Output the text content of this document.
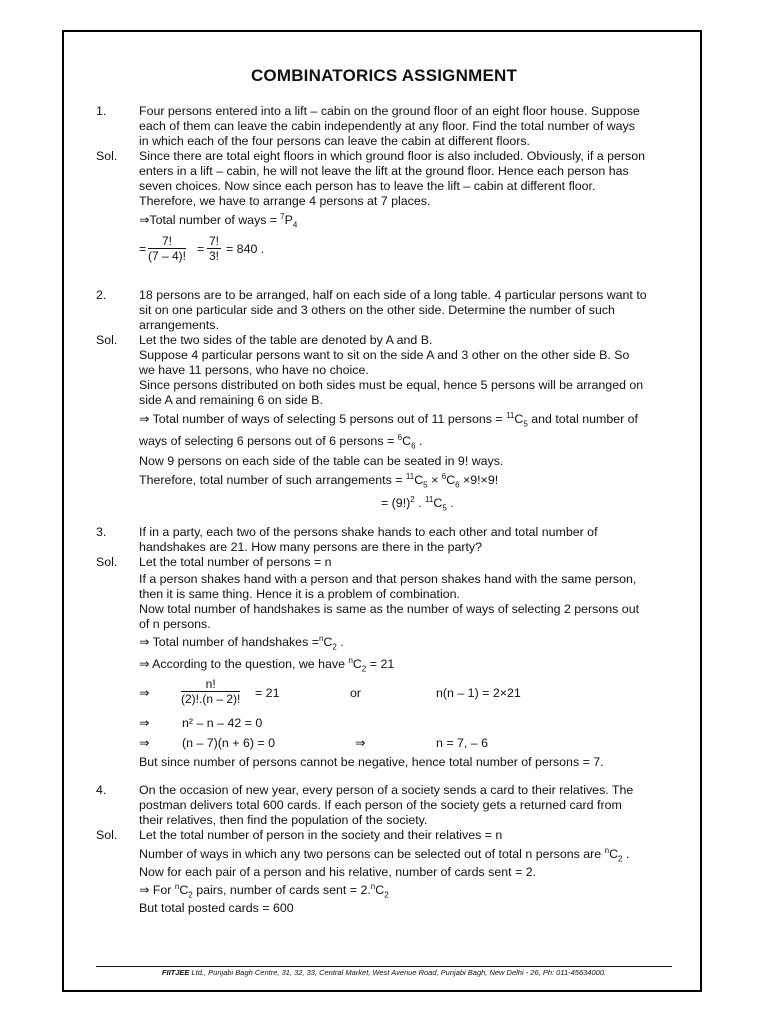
COMBINATORICS ASSIGNMENT
1.	Four persons entered into a lift – cabin on the ground floor of an eight floor house. Suppose
each of them can leave the cabin independently at any floor. Find the total number of ways
in which each of the four persons can leave the cabin at different floors.
Sol. Since there are total eight floors in which ground floor is also included. Obviously, if a person
enters in a lift – cabin, he will not leave the lift at the ground floor. Hence each person has
seven choices. Now since each person has to leave the lift – cabin at different floor.
Therefore, we have to arrange 4 persons at 7 places.
⇒Total number of ways = $^7P_4$
= $\frac{7!}{(7 - 4)!} = \frac{7!}{3!} = 840$ .
2.	18 persons are to be arranged, half on each side of a long table. 4 particular persons want to
sit on one particular side and 3 others on the other side. Determine the number of such
arrangements.
Sol. Let the two sides of the table are denoted by A and B.
Suppose 4 particular persons want to sit on the side A and 3 other on the other side B. So
we have 11 persons, who have no choice.
Since persons distributed on both sides must be equal, hence 5 persons will be arranged on
side A and remaining 6 on side B.
⇒ Total number of ways of selecting 5 persons out of 11 persons = $^{11}C_5$ and total number of
ways of selecting 6 persons out of 6 persons = $^6C_6$ .
Now 9 persons on each side of the table can be seated in 9! ways.
Therefore, total number of such arrangements = $^{11}C_5 \times ^6C_6 \times 9!\times 9$!
= $(9!)^2$ . $^{11}C_5$ .
3.	If in a party, each two of the persons shake hands to each other and total number of
handshakes are 21. How many persons are there in the party?
Sol. Let the total number of persons = n
If a person shakes hand with a person and that person shakes hand with the same person,
then it is same thing. Hence it is a problem of combination.
Now total number of handshakes is same as the number of ways of selecting 2 persons out
of n persons.
⇒ Total number of handshakes $=^nC_2$ .
⇒ According to the question, we have $^nC_2 = 21$
⇒	$\frac{n!}{(2)!.(n - 2)!} = 21$	or	n(n – 1) = 2×21
⇒	n² – n – 42 = 0
⇒	(n – 7)(n + 6) = 0	⇒	n = 7, – 6
But since number of persons cannot be negative, hence total number of persons = 7.
4.	On the occasion of new year, every person of a society sends a card to their relatives. The
postman delivers total 600 cards. If each person of the society gets a returned card from
their relatives, then find the population of the society.
Sol. Let the total number of person in the society and their relatives = n
Number of ways in which any two persons can be selected out of total n persons are $^nC_2$ .
Now for each pair of a person and his relative, number of cards sent = 2.
⇒ For $^nC_2$ pairs, number of cards sent = $2.^nC_2$
But total posted cards = 600
FIITJEE Ltd., Punjabi Bagh Centre, 31, 32, 33, Central Market, West Avenue Road, Punjabi Bagh, New Delhi - 26, Ph: 011-45634000.
